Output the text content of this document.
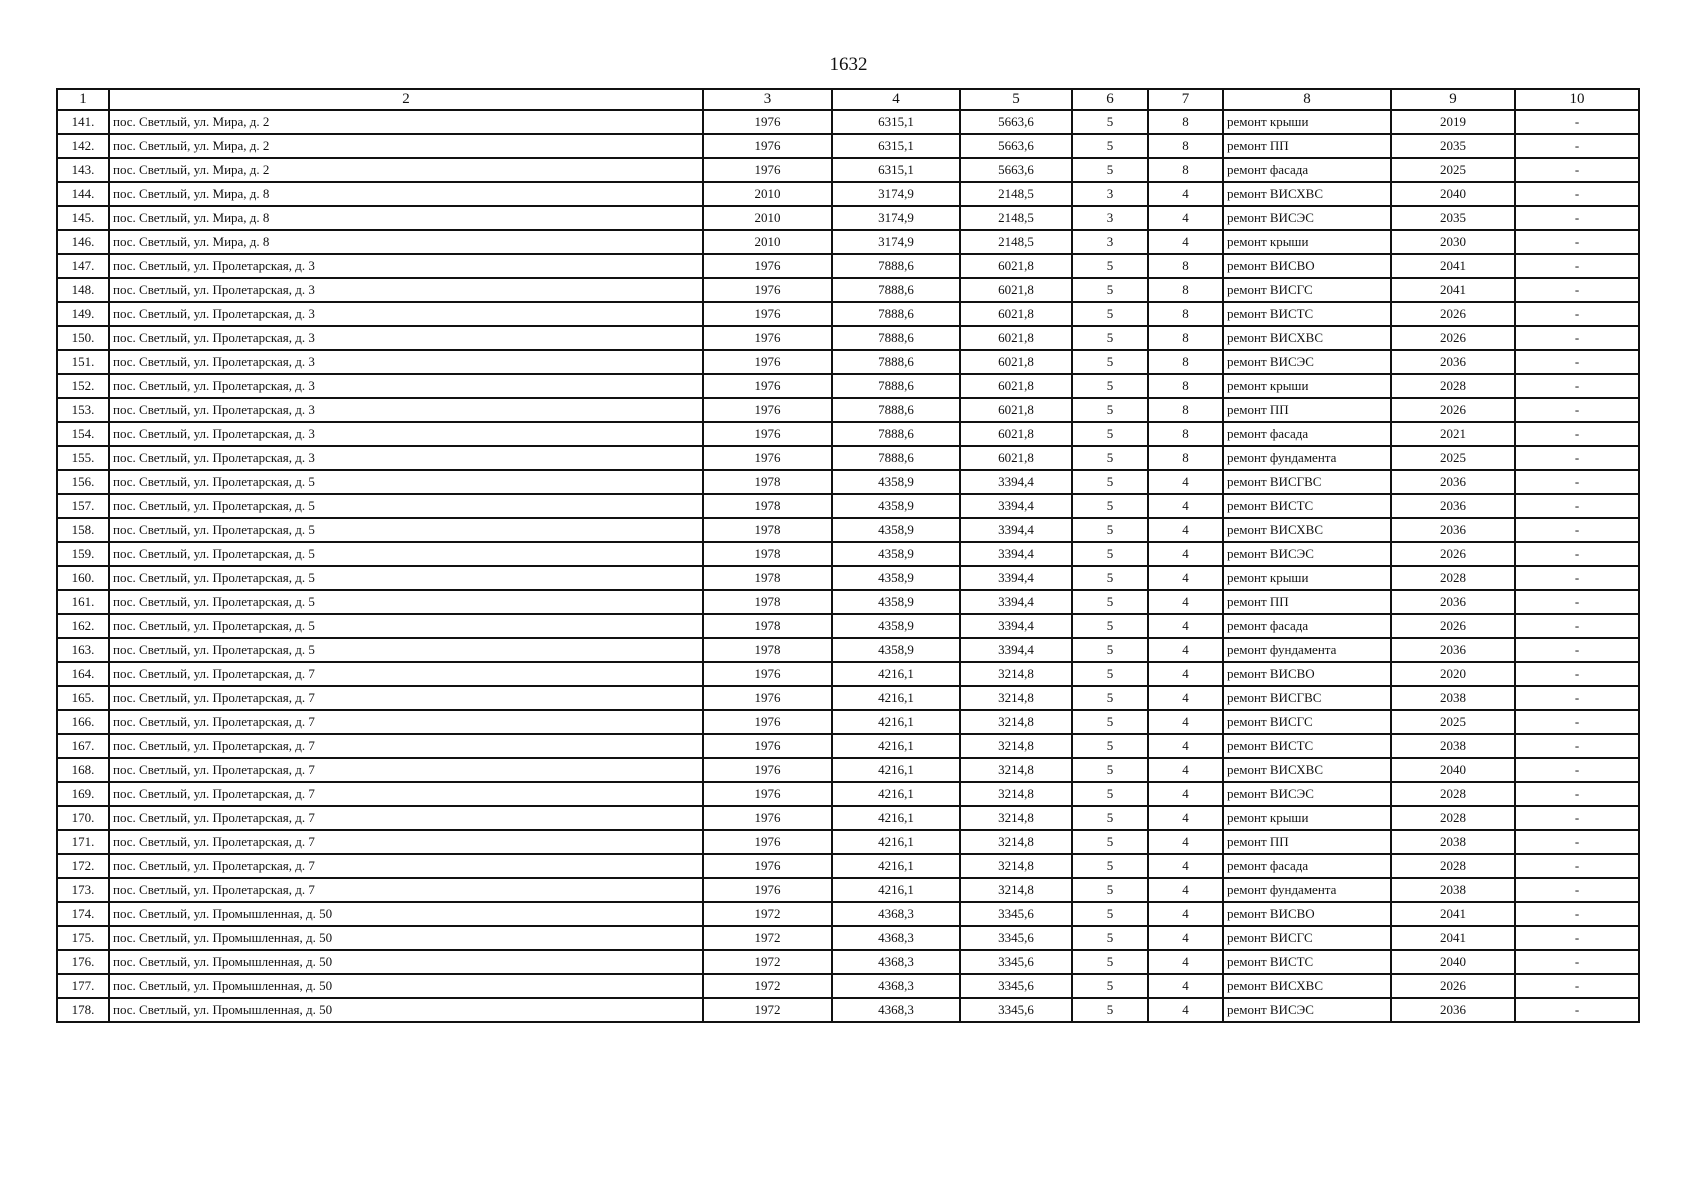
1632
1	2	3	4	5	6	7	8	9	10
141.	пос. Светлый, ул. Мира, д. 2	1976	6315,1	5663,6	5	8	ремонт крыши	2019	-
142.	пос. Светлый, ул. Мира, д. 2	1976	6315,1	5663,6	5	8	ремонт ПП	2035	-
143.	пос. Светлый, ул. Мира, д. 2	1976	6315,1	5663,6	5	8	ремонт фасада	2025	-
144.	пос. Светлый, ул. Мира, д. 8	2010	3174,9	2148,5	3	4	ремонт ВИСХВС	2040	-
145.	пос. Светлый, ул. Мира, д. 8	2010	3174,9	2148,5	3	4	ремонт ВИСЭС	2035	-
146.	пос. Светлый, ул. Мира, д. 8	2010	3174,9	2148,5	3	4	ремонт крыши	2030	-
147.	пос. Светлый, ул. Пролетарская, д. 3	1976	7888,6	6021,8	5	8	ремонт ВИСВО	2041	-
148.	пос. Светлый, ул. Пролетарская, д. 3	1976	7888,6	6021,8	5	8	ремонт ВИСГС	2041	-
149.	пос. Светлый, ул. Пролетарская, д. 3	1976	7888,6	6021,8	5	8	ремонт ВИСТС	2026	-
150.	пос. Светлый, ул. Пролетарская, д. 3	1976	7888,6	6021,8	5	8	ремонт ВИСХВС	2026	-
151.	пос. Светлый, ул. Пролетарская, д. 3	1976	7888,6	6021,8	5	8	ремонт ВИСЭС	2036	-
152.	пос. Светлый, ул. Пролетарская, д. 3	1976	7888,6	6021,8	5	8	ремонт крыши	2028	-
153.	пос. Светлый, ул. Пролетарская, д. 3	1976	7888,6	6021,8	5	8	ремонт ПП	2026	-
154.	пос. Светлый, ул. Пролетарская, д. 3	1976	7888,6	6021,8	5	8	ремонт фасада	2021	-
155.	пос. Светлый, ул. Пролетарская, д. 3	1976	7888,6	6021,8	5	8	ремонт фундамента	2025	-
156.	пос. Светлый, ул. Пролетарская, д. 5	1978	4358,9	3394,4	5	4	ремонт ВИСГВС	2036	-
157.	пос. Светлый, ул. Пролетарская, д. 5	1978	4358,9	3394,4	5	4	ремонт ВИСТС	2036	-
158.	пос. Светлый, ул. Пролетарская, д. 5	1978	4358,9	3394,4	5	4	ремонт ВИСХВС	2036	-
159.	пос. Светлый, ул. Пролетарская, д. 5	1978	4358,9	3394,4	5	4	ремонт ВИСЭС	2026	-
160.	пос. Светлый, ул. Пролетарская, д. 5	1978	4358,9	3394,4	5	4	ремонт крыши	2028	-
161.	пос. Светлый, ул. Пролетарская, д. 5	1978	4358,9	3394,4	5	4	ремонт ПП	2036	-
162.	пос. Светлый, ул. Пролетарская, д. 5	1978	4358,9	3394,4	5	4	ремонт фасада	2026	-
163.	пос. Светлый, ул. Пролетарская, д. 5	1978	4358,9	3394,4	5	4	ремонт фундамента	2036	-
164.	пос. Светлый, ул. Пролетарская, д. 7	1976	4216,1	3214,8	5	4	ремонт ВИСВО	2020	-
165.	пос. Светлый, ул. Пролетарская, д. 7	1976	4216,1	3214,8	5	4	ремонт ВИСГВС	2038	-
166.	пос. Светлый, ул. Пролетарская, д. 7	1976	4216,1	3214,8	5	4	ремонт ВИСГС	2025	-
167.	пос. Светлый, ул. Пролетарская, д. 7	1976	4216,1	3214,8	5	4	ремонт ВИСТС	2038	-
168.	пос. Светлый, ул. Пролетарская, д. 7	1976	4216,1	3214,8	5	4	ремонт ВИСХВС	2040	-
169.	пос. Светлый, ул. Пролетарская, д. 7	1976	4216,1	3214,8	5	4	ремонт ВИСЭС	2028	-
170.	пос. Светлый, ул. Пролетарская, д. 7	1976	4216,1	3214,8	5	4	ремонт крыши	2028	-
171.	пос. Светлый, ул. Пролетарская, д. 7	1976	4216,1	3214,8	5	4	ремонт ПП	2038	-
172.	пос. Светлый, ул. Пролетарская, д. 7	1976	4216,1	3214,8	5	4	ремонт фасада	2028	-
173.	пос. Светлый, ул. Пролетарская, д. 7	1976	4216,1	3214,8	5	4	ремонт фундамента	2038	-
174.	пос. Светлый, ул. Промышленная, д. 50	1972	4368,3	3345,6	5	4	ремонт ВИСВО	2041	-
175.	пос. Светлый, ул. Промышленная, д. 50	1972	4368,3	3345,6	5	4	ремонт ВИСГС	2041	-
176.	пос. Светлый, ул. Промышленная, д. 50	1972	4368,3	3345,6	5	4	ремонт ВИСТС	2040	-
177.	пос. Светлый, ул. Промышленная, д. 50	1972	4368,3	3345,6	5	4	ремонт ВИСХВС	2026	-
178.	пос. Светлый, ул. Промышленная, д. 50	1972	4368,3	3345,6	5	4	ремонт ВИСЭС	2036	-
